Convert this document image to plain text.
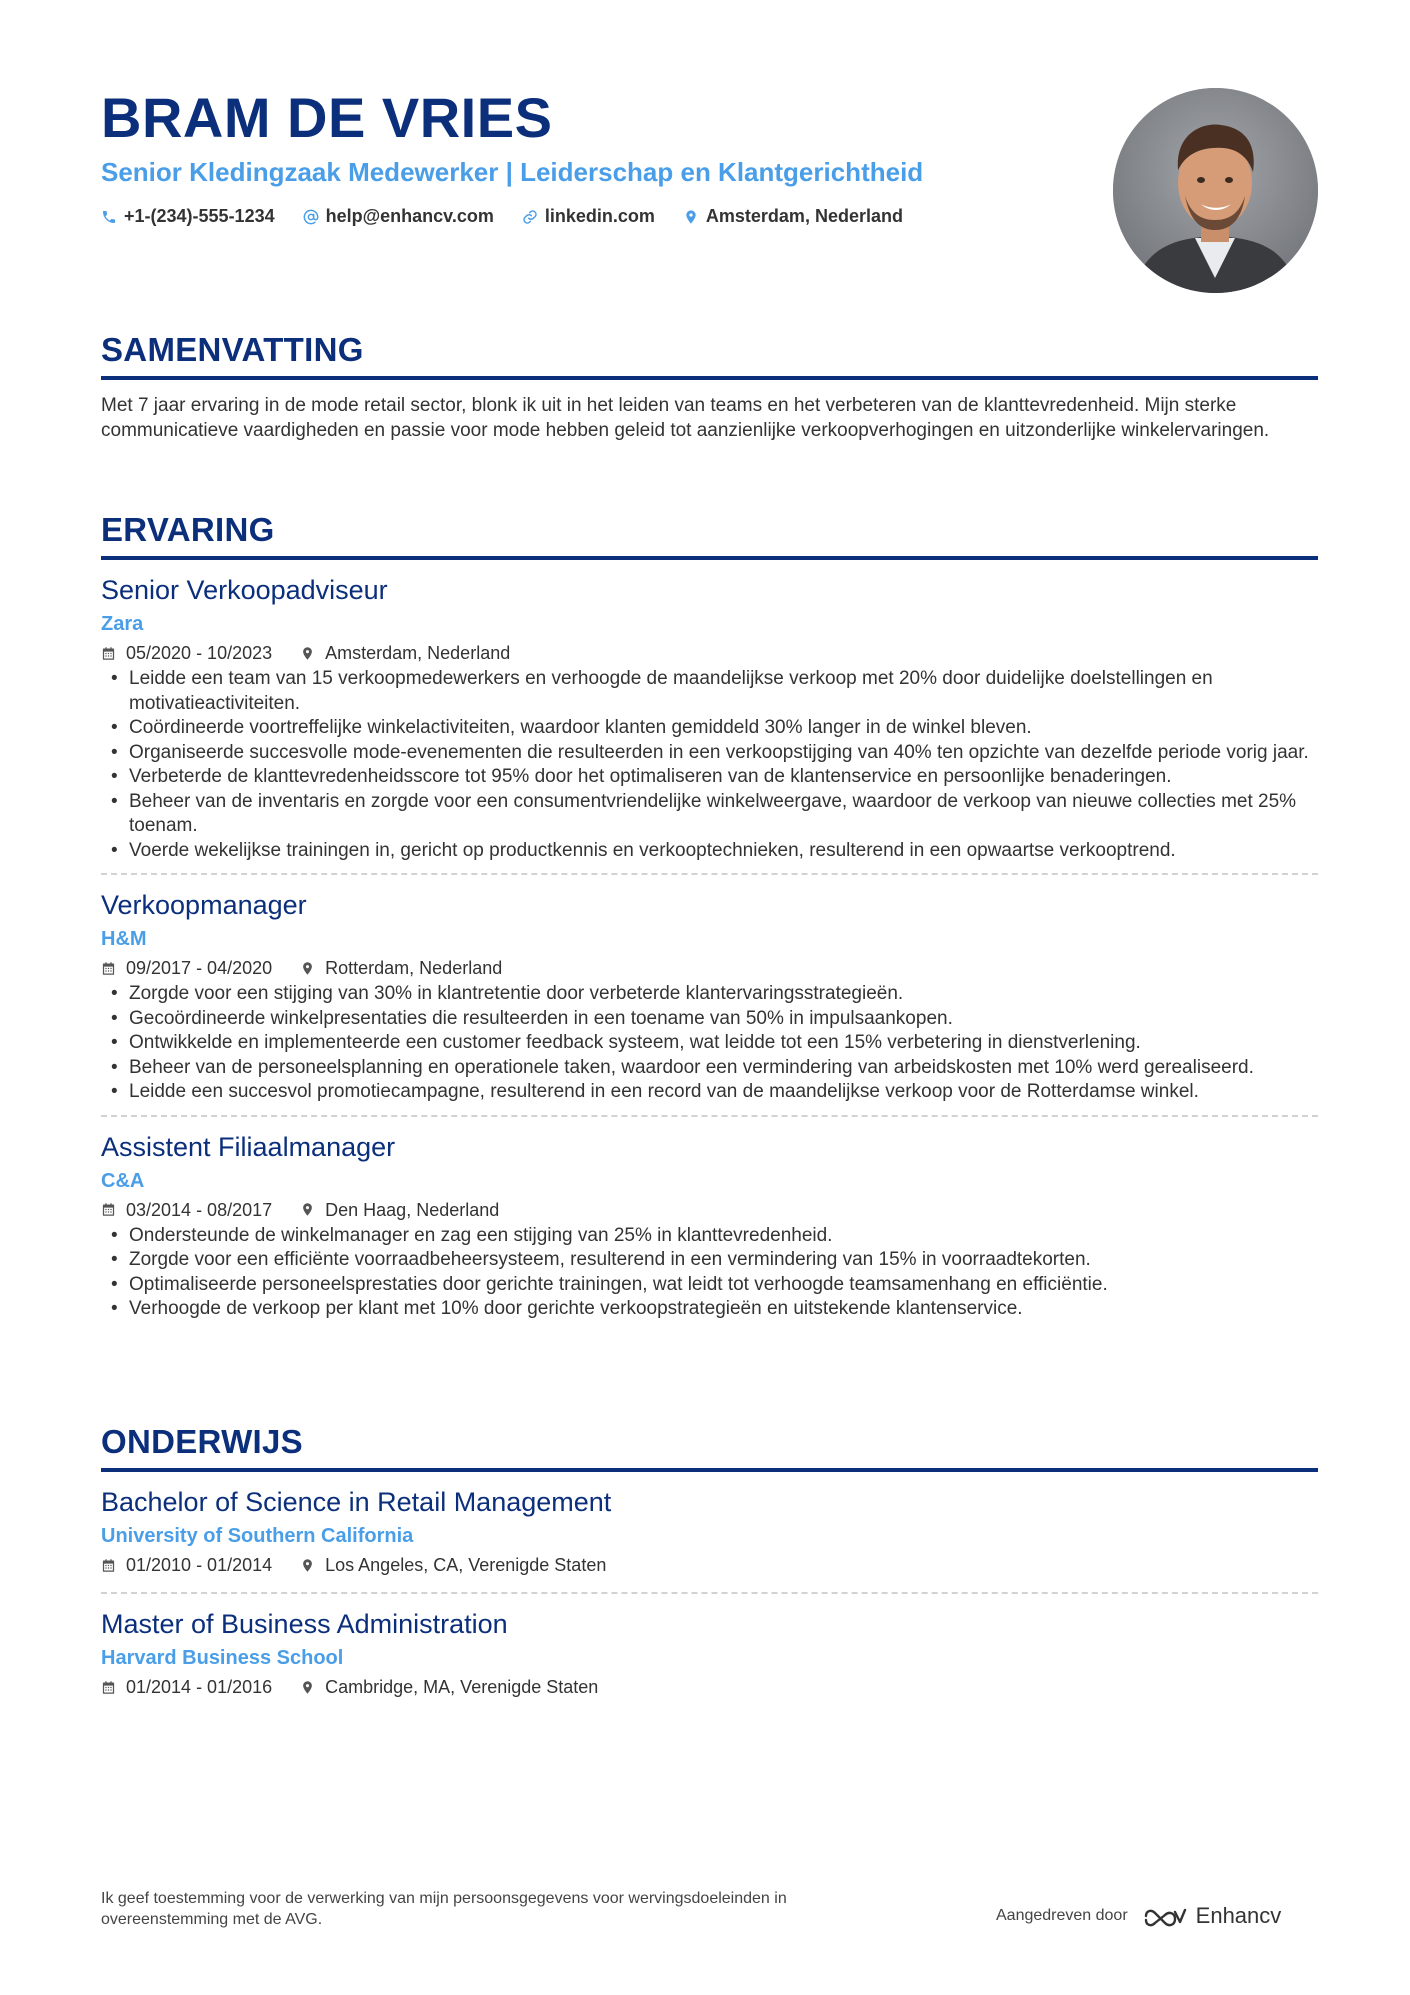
BRAM DE VRIES
Senior Kledingzaak Medewerker | Leiderschap en Klantgerichtheid
+1-(234)-555-1234	help@enhancv.com	linkedin.com	Amsterdam, Nederland
SAMENVATTING
Met 7 jaar ervaring in de mode retail sector, blonk ik uit in het leiden van teams en het verbeteren van de klanttevredenheid. Mijn sterke communicatieve vaardigheden en passie voor mode hebben geleid tot aanzienlijke verkoopverhogingen en uitzonderlijke winkelervaringen.
ERVARING
Senior Verkoopadviseur
Zara
05/2020 - 10/2023	Amsterdam, Nederland
• Leidde een team van 15 verkoopmedewerkers en verhoogde de maandelijkse verkoop met 20% door duidelijke doelstellingen en motivatieactiviteiten.
• Coördineerde voortreffelijke winkelactiviteiten, waardoor klanten gemiddeld 30% langer in de winkel bleven.
• Organiseerde succesvolle mode-evenementen die resulteerden in een verkoopstijging van 40% ten opzichte van dezelfde periode vorig jaar.
• Verbeterde de klanttevredenheidsscore tot 95% door het optimaliseren van de klantenservice en persoonlijke benaderingen.
• Beheer van de inventaris en zorgde voor een consumentvriendelijke winkelweergave, waardoor de verkoop van nieuwe collecties met 25% toenam.
• Voerde wekelijkse trainingen in, gericht op productkennis en verkooptechnieken, resulterend in een opwaartse verkooptrend.
Verkoopmanager
H&M
09/2017 - 04/2020	Rotterdam, Nederland
• Zorgde voor een stijging van 30% in klantretentie door verbeterde klantervaringsstrategieën.
• Gecoördineerde winkelpresentaties die resulteerden in een toename van 50% in impulsaankopen.
• Ontwikkelde en implementeerde een customer feedback systeem, wat leidde tot een 15% verbetering in dienstverlening.
• Beheer van de personeelsplanning en operationele taken, waardoor een vermindering van arbeidskosten met 10% werd gerealiseerd.
• Leidde een succesvol promotiecampagne, resulterend in een record van de maandelijkse verkoop voor de Rotterdamse winkel.
Assistent Filiaalmanager
C&A
03/2014 - 08/2017	Den Haag, Nederland
• Ondersteunde de winkelmanager en zag een stijging van 25% in klanttevredenheid.
• Zorgde voor een efficiënte voorraadbeheersysteem, resulterend in een vermindering van 15% in voorraadtekorten.
• Optimaliseerde personeelsprestaties door gerichte trainingen, wat leidt tot verhoogde teamsamenhang en efficiëntie.
• Verhoogde de verkoop per klant met 10% door gerichte verkoopstrategieën en uitstekende klantenservice.
ONDERWIJS
Bachelor of Science in Retail Management
University of Southern California
01/2010 - 01/2014	Los Angeles, CA, Verenigde Staten
Master of Business Administration
Harvard Business School
01/2014 - 01/2016	Cambridge, MA, Verenigde Staten
Ik geef toestemming voor de verwerking van mijn persoonsgegevens voor wervingsdoeleinden in overeenstemming met de AVG.	Aangedreven door	Enhancv
